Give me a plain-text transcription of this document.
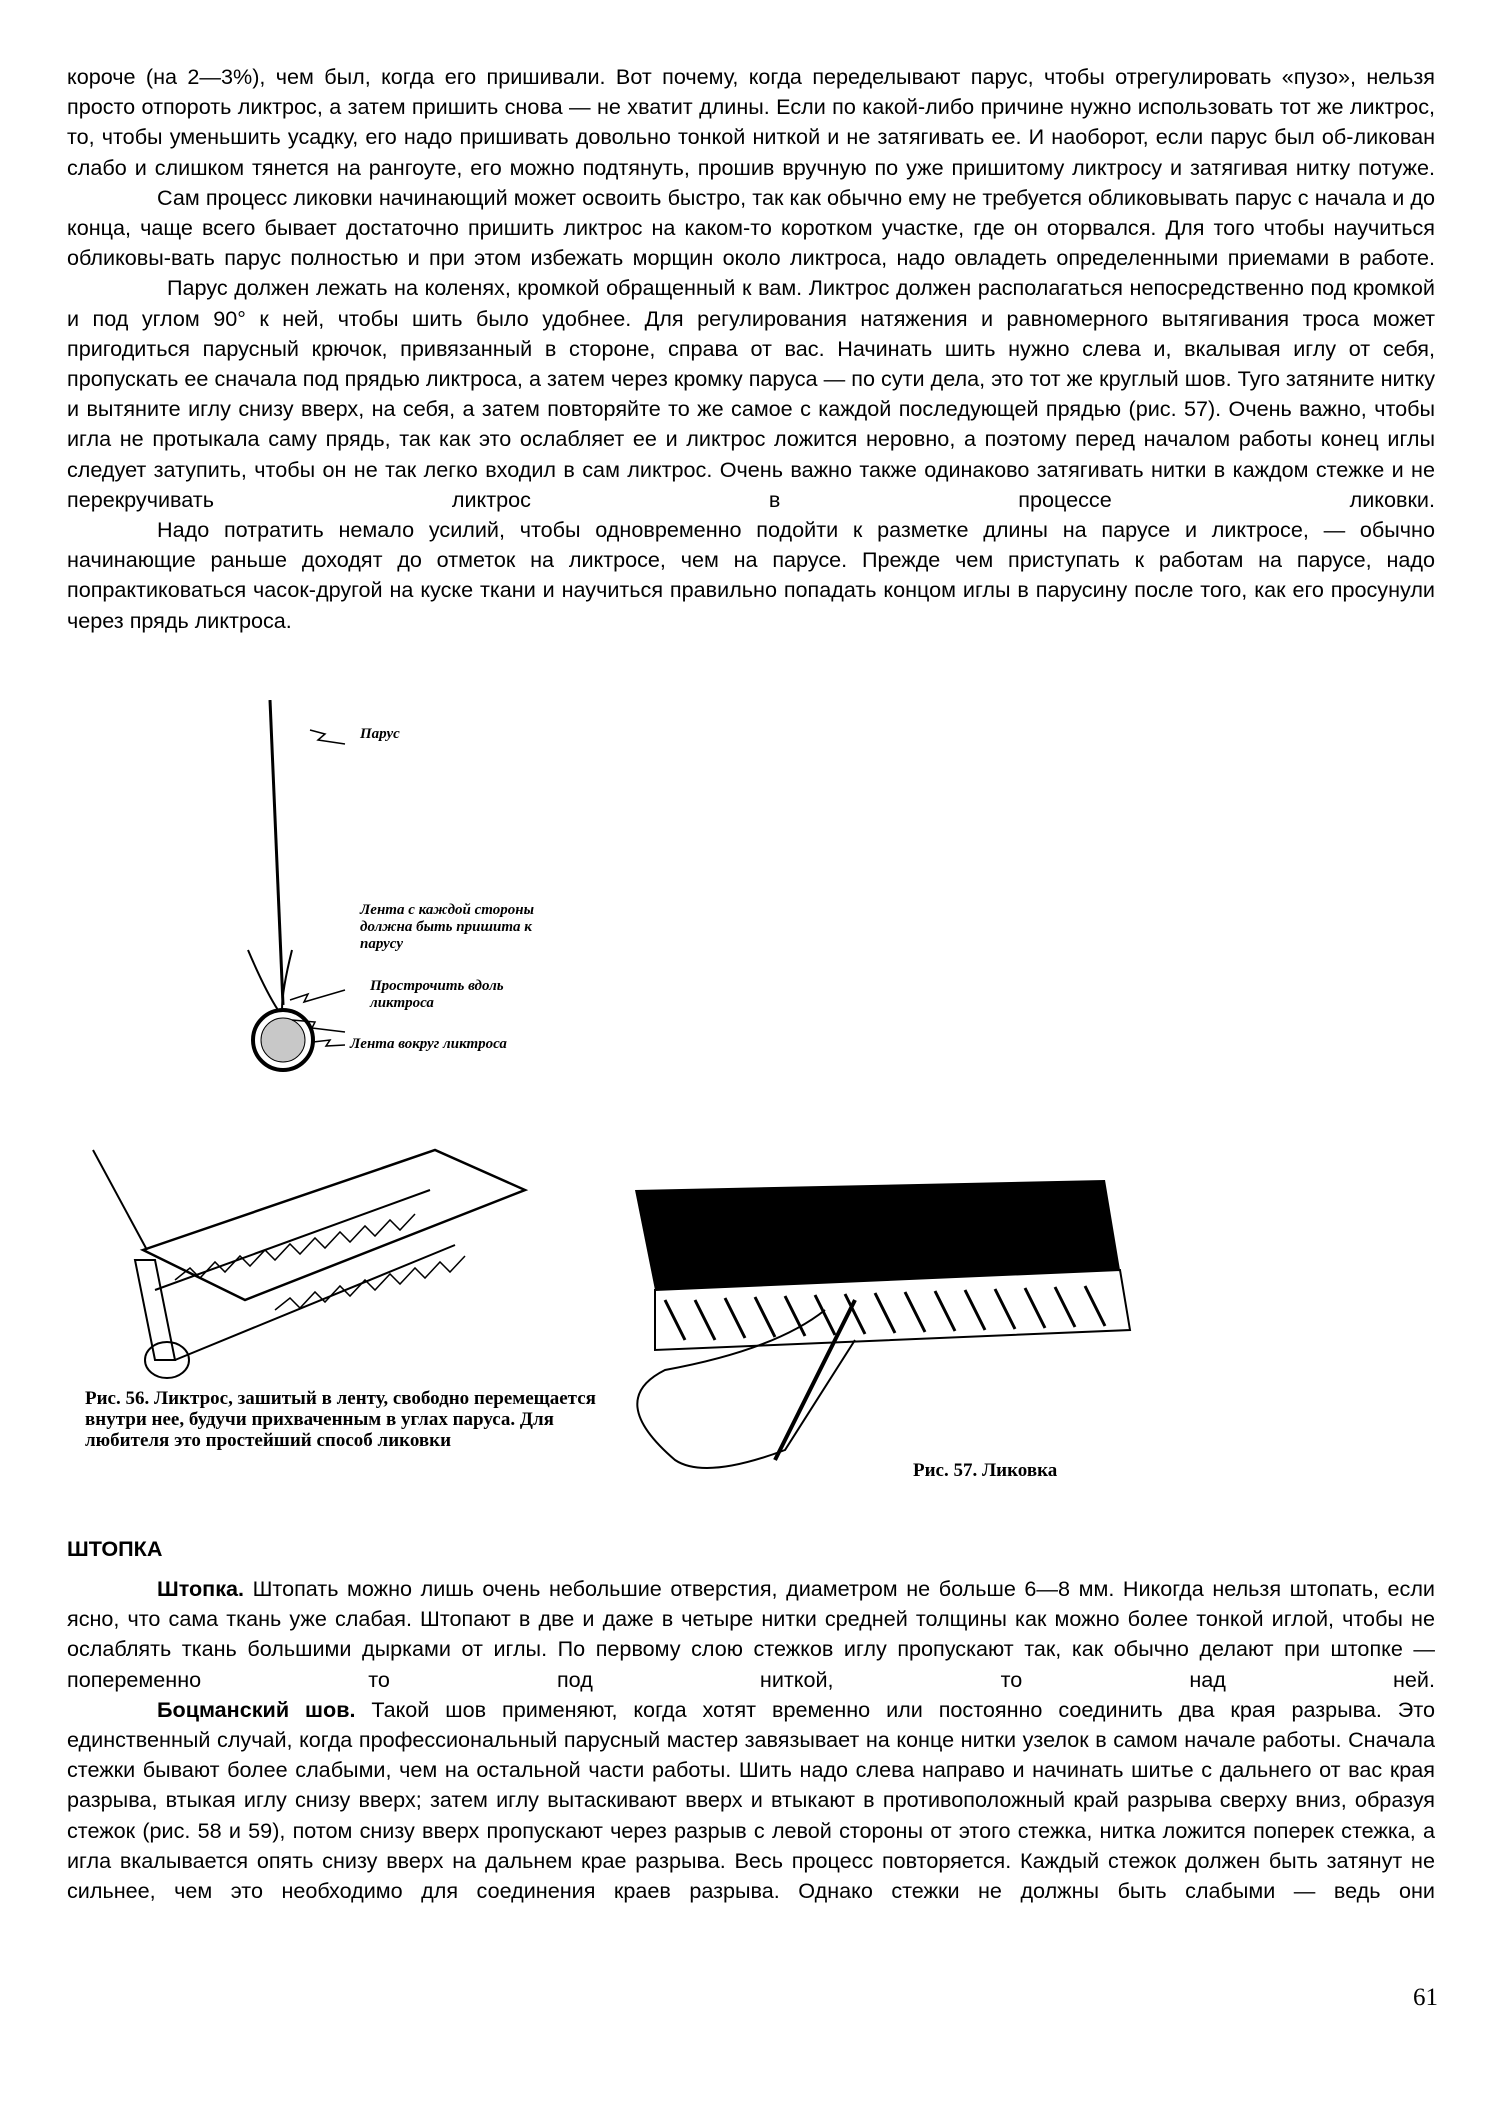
короче (на 2—3%), чем был, когда его пришивали. Вот почему, когда переделывают парус, чтобы отрегулировать «пузо», нельзя просто отпороть ликтрос, а затем пришить снова — не хватит длины. Если по какой-либо причине нужно использовать тот же ликтрос, то, чтобы уменьшить усадку, его надо пришивать довольно тонкой ниткой и не затягивать ее. И наоборот, если парус был об-ликован слабо и слишком тянется на рангоуте, его можно подтянуть, прошив вручную по уже пришитому ликтросу и затягивая нитку потуже.

Сам процесс ликовки начинающий может освоить быстро, так как обычно ему не требуется обликовывать парус с начала и до конца, чаще всего бывает достаточно пришить ликтрос на каком-то коротком участке, где он оторвался. Для того чтобы научиться обликовы-вать парус полностью и при этом избежать морщин около ликтроса, надо овладеть определенными приемами в работе.

Парус должен лежать на коленях, кромкой обращенный к вам. Ликтрос должен располагаться непосредственно под кромкой и под углом 90° к ней, чтобы шить было удобнее. Для регулирования натяжения и равномерного вытягивания троса может пригодиться парусный крючок, привязанный в стороне, справа от вас. Начинать шить нужно слева и, вкалывая иглу от себя, пропускать ее сначала под прядью ликтроса, а затем через кромку паруса — по сути дела, это тот же круглый шов. Туго затяните нитку и вытяните иглу снизу вверх, на себя, а затем повторяйте то же самое с каждой последующей прядью (рис. 57). Очень важно, чтобы игла не протыкала саму прядь, так как это ослабляет ее и ликтрос ложится неровно, а поэтому перед началом работы конец иглы следует затупить, чтобы он не так легко входил в сам ликтрос. Очень важно также одинаково затягивать нитки в каждом стежке и не перекручивать ликтрос в процессе ликовки.

Надо потратить немало усилий, чтобы одновременно подойти к разметке длины на парусе и ликтросе, — обычно начинающие раньше доходят до отметок на ликтросе, чем на парусе. Прежде чем приступать к работам на парусе, надо попрактиковаться часок-другой на куске ткани и научиться правильно попадать концом иглы в парусину после того, как его просунули через прядь ликтроса.

Парус
Лента с каждой стороны должна быть пришита к парусу
Прострочить вдоль ликтроса
Лента вокруг ликтроса
Рис. 56. Ликтрос, зашитый в ленту, свободно перемещается внутри нее, будучи прихваченным в углах паруса. Для любителя это простейший способ ликовки
Рис. 57. Ликовка
ШТОПКА

Штопка. Штопать можно лишь очень небольшие отверстия, диаметром не больше 6—8 мм. Никогда нельзя штопать, если ясно, что сама ткань уже слабая. Штопают в две и даже в четыре нитки средней толщины как можно более тонкой иглой, чтобы не ослаблять ткань большими дырками от иглы. По первому слою стежков иглу пропускают так, как обычно делают при штопке — попеременно то под ниткой, то над ней.

Боцманский шов. Такой шов применяют, когда хотят временно или постоянно соединить два края разрыва. Это единственный случай, когда профессиональный парусный мастер завязывает на конце нитки узелок в самом начале работы. Сначала стежки бывают более слабыми, чем на остальной части работы. Шить надо слева направо и начинать шитье с дальнего от вас края разрыва, втыкая иглу снизу вверх; затем иглу вытаскивают вверх и втыкают в противоположный край разрыва сверху вниз, образуя стежок (рис. 58 и 59), потом снизу вверх пропускают через разрыв с левой стороны от этого стежка, нитка ложится поперек стежка, а игла вкалывается опять снизу вверх на дальнем крае разрыва. Весь процесс повторяется. Каждый стежок должен быть затянут не сильнее, чем это необходимо для соединения краев разрыва. Однако стежки не должны быть слабыми — ведь они

61
